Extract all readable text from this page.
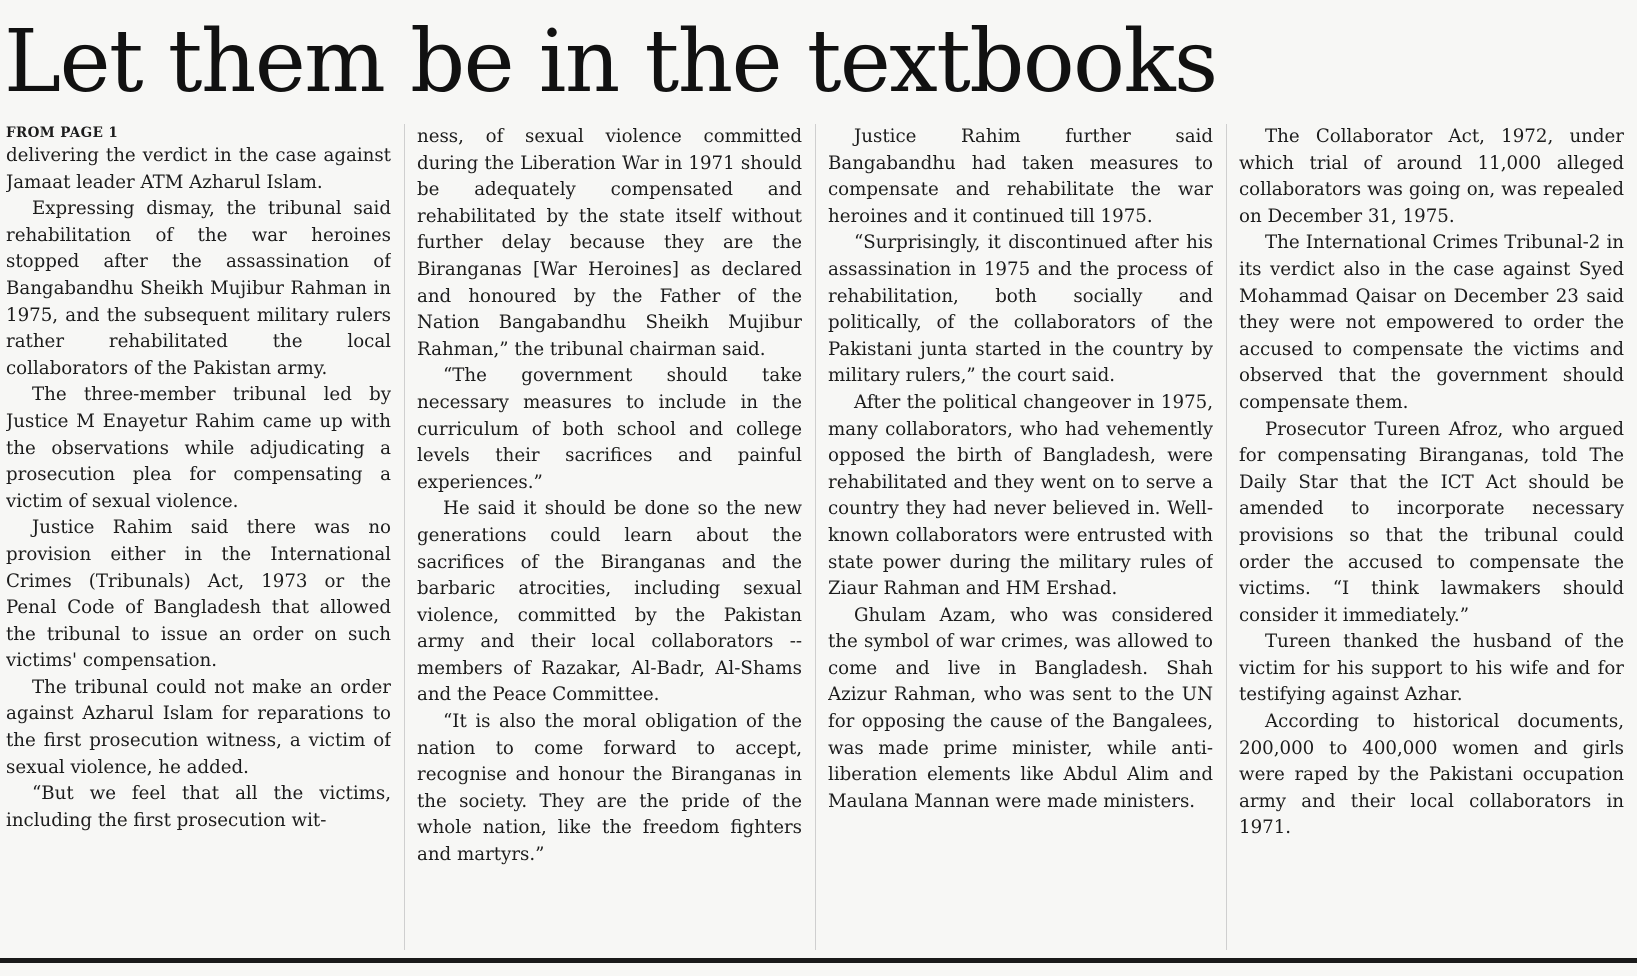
Let them be in the textbooks

FROM PAGE 1

delivering the verdict in the case against Jamaat leader ATM Azharul Islam.

Expressing dismay, the tribunal said rehabilitation of the war heroines stopped after the assassination of Bangabandhu Sheikh Mujibur Rahman in 1975, and the subsequent military rulers rather rehabilitated the local collaborators of the Pakistan army.

The three-member tribunal led by Justice M Enayetur Rahim came up with the observations while adjudicating a prosecution plea for compensating a victim of sexual violence.

Justice Rahim said there was no provision either in the International Crimes (Tribunals) Act, 1973 or the Penal Code of Bangladesh that allowed the tribunal to issue an order on such victims' compensation.

The tribunal could not make an order against Azharul Islam for reparations to the first prosecution witness, a victim of sexual violence, he added.

“But we feel that all the victims, including the first prosecution wit-

ness, of sexual violence committed during the Liberation War in 1971 should be adequately compensated and rehabilitated by the state itself without further delay because they are the Biranganas [War Heroines] as declared and honoured by the Father of the Nation Bangabandhu Sheikh Mujibur Rahman,” the tribunal chairman said.

“The government should take necessary measures to include in the curriculum of both school and college levels their sacrifices and painful experiences.”

He said it should be done so the new generations could learn about the sacrifices of the Biranganas and the barbaric atrocities, including sexual violence, committed by the Pakistan army and their local collaborators -- members of Razakar, Al-Badr, Al-Shams and the Peace Committee.

“It is also the moral obligation of the nation to come forward to accept, recognise and honour the Biranganas in the society. They are the pride of the whole nation, like the freedom fighters and martyrs.”

Justice Rahim further said Bangabandhu had taken measures to compensate and rehabilitate the war heroines and it continued till 1975.

“Surprisingly, it discontinued after his assassination in 1975 and the process of rehabilitation, both socially and politically, of the collaborators of the Pakistani junta started in the country by military rulers,” the court said.

After the political changeover in 1975, many collaborators, who had vehemently opposed the birth of Bangladesh, were rehabilitated and they went on to serve a country they had never believed in. Well-known collaborators were entrusted with state power during the military rules of Ziaur Rahman and HM Ershad.

Ghulam Azam, who was considered the symbol of war crimes, was allowed to come and live in Bangladesh. Shah Azizur Rahman, who was sent to the UN for opposing the cause of the Bangalees, was made prime minister, while anti-liberation elements like Abdul Alim and Maulana Mannan were made ministers.

The Collaborator Act, 1972, under which trial of around 11,000 alleged collaborators was going on, was repealed on December 31, 1975.

The International Crimes Tribunal-2 in its verdict also in the case against Syed Mohammad Qaisar on December 23 said they were not empowered to order the accused to compensate the victims and observed that the government should compensate them.

Prosecutor Tureen Afroz, who argued for compensating Biranganas, told The Daily Star that the ICT Act should be amended to incorporate necessary provisions so that the tribunal could order the accused to compensate the victims. “I think lawmakers should consider it immediately.”

Tureen thanked the husband of the victim for his support to his wife and for testifying against Azhar.

According to historical documents, 200,000 to 400,000 women and girls were raped by the Pakistani occupation army and their local collaborators in 1971.
